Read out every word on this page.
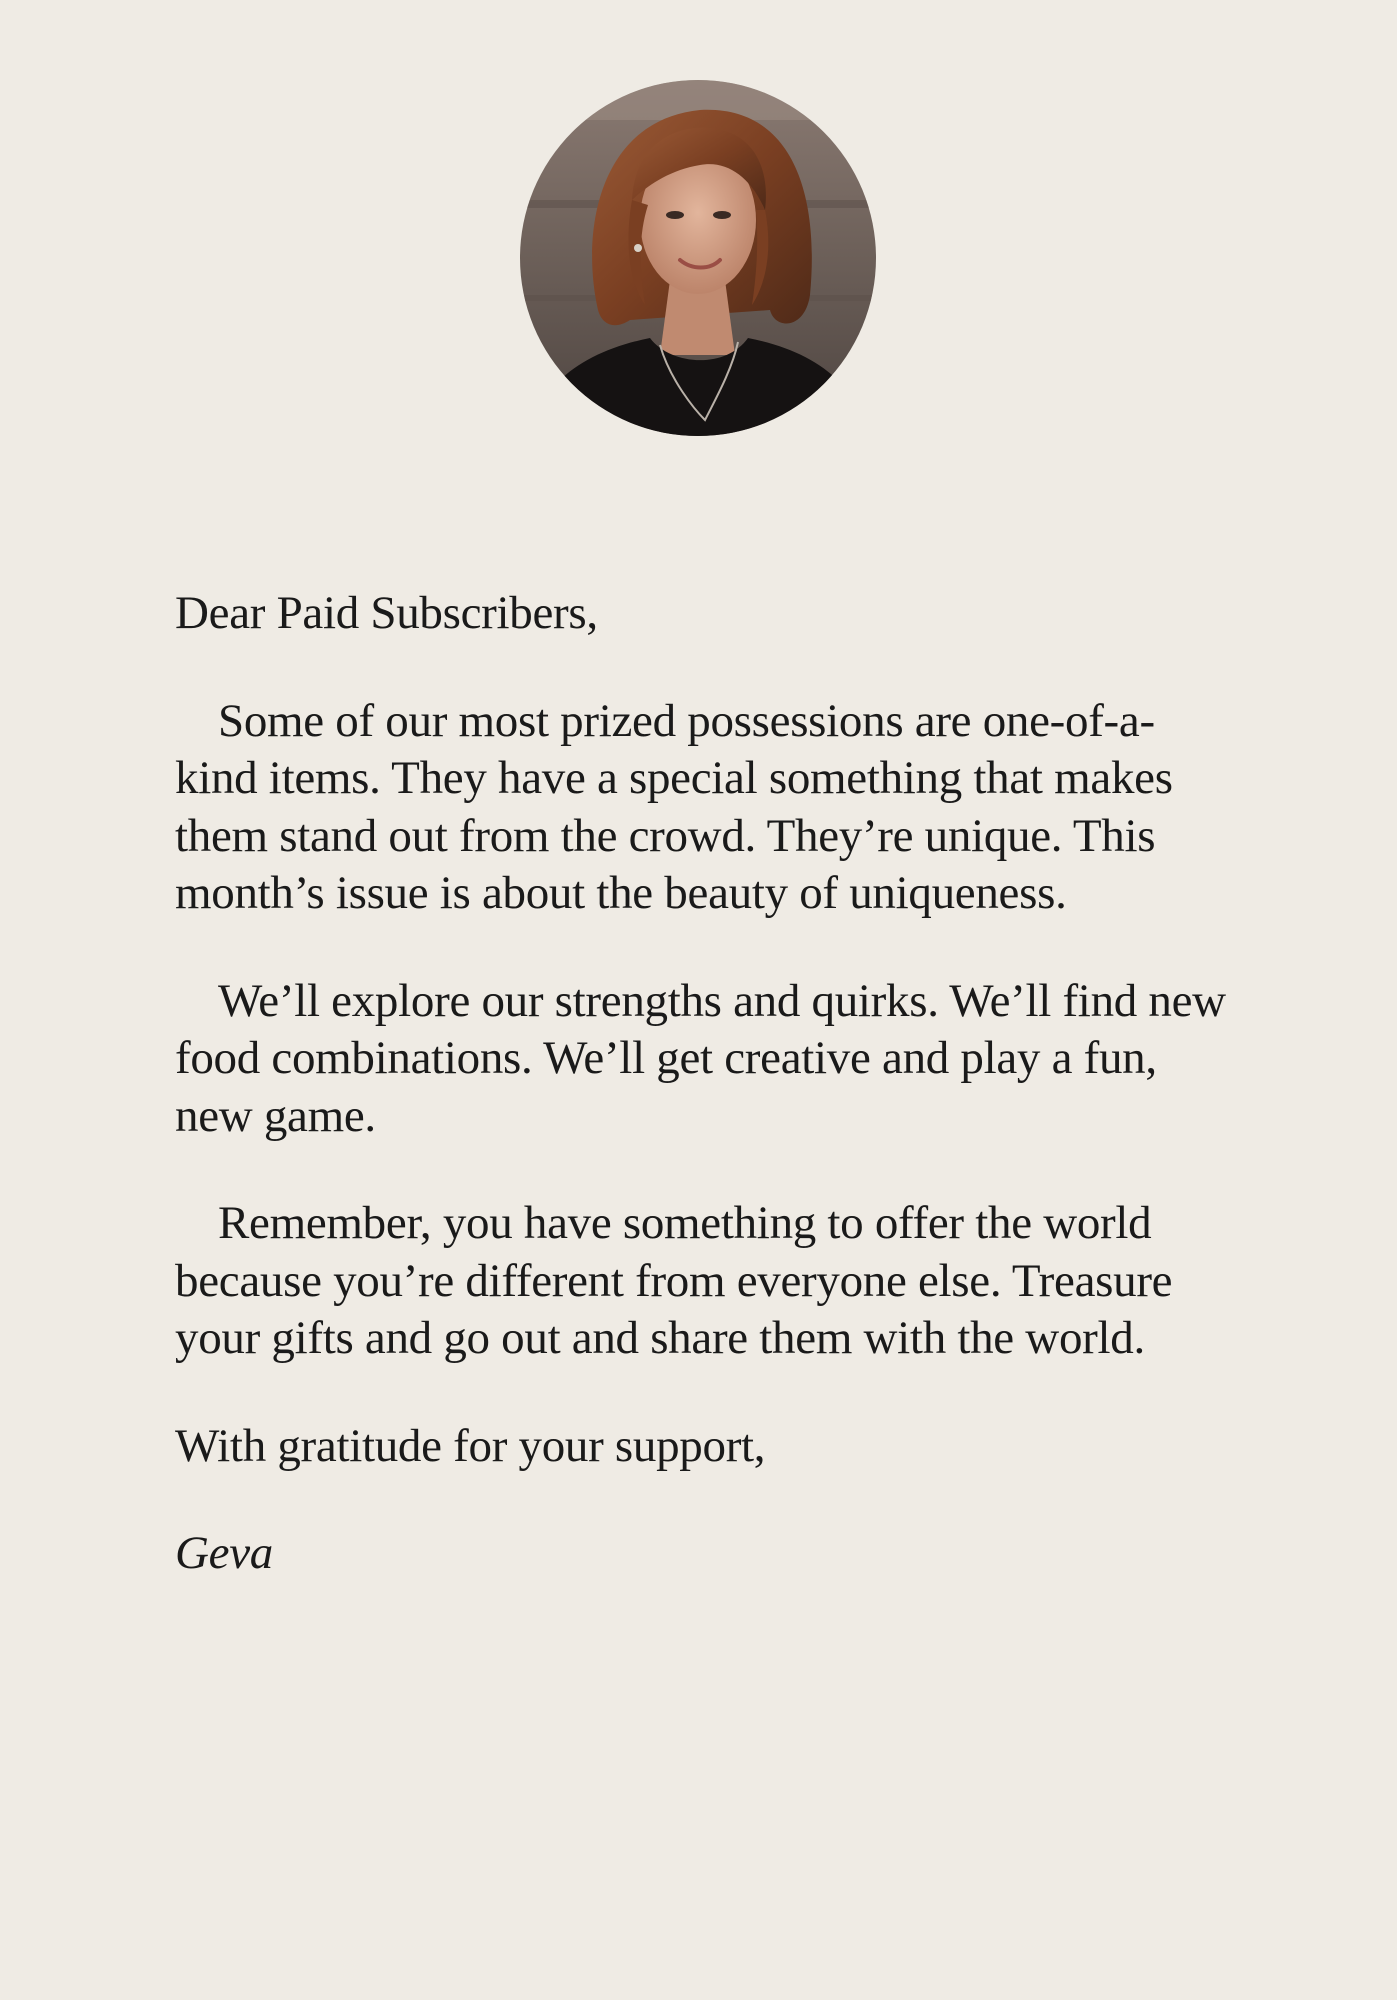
Dear Paid Subscribers,

Some of our most prized possessions are one-of-a-kind items. They have a special something that makes them stand out from the crowd. They’re unique. This month’s issue is about the beauty of uniqueness.

We’ll explore our strengths and quirks. We’ll find new food combinations. We’ll get creative and play a fun, new game.

Remember, you have something to offer the world because you’re different from everyone else. Treasure your gifts and go out and share them with the world.

With gratitude for your support,

Geva
